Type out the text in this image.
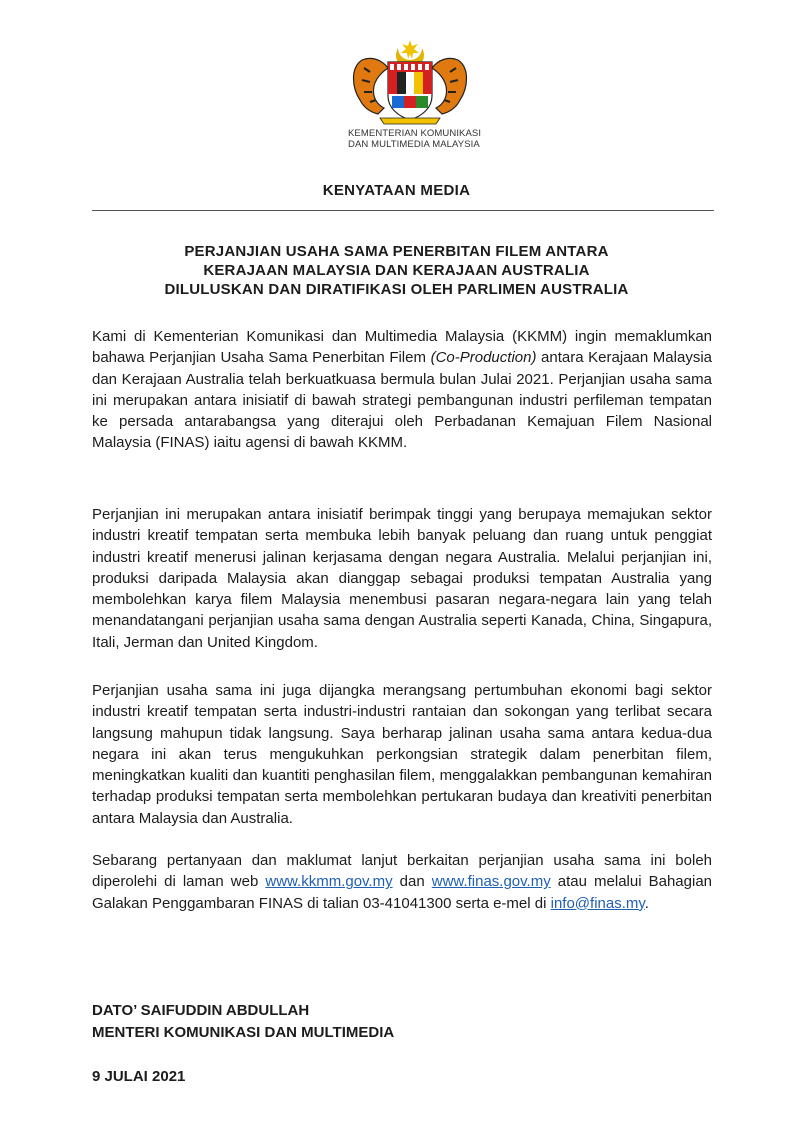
KEMENTERIAN KOMUNIKASI
DAN MULTIMEDIA MALAYSIA
KENYATAAN MEDIA
PERJANJIAN USAHA SAMA PENERBITAN FILEM ANTARA
KERAJAAN MALAYSIA DAN KERAJAAN AUSTRALIA
DILULUSKAN DAN DIRATIFIKASI OLEH PARLIMEN AUSTRALIA
Kami di Kementerian Komunikasi dan Multimedia Malaysia (KKMM) ingin memaklumkan bahawa Perjanjian Usaha Sama Penerbitan Filem (Co-Production) antara Kerajaan Malaysia dan Kerajaan Australia telah berkuatkuasa bermula bulan Julai 2021. Perjanjian usaha sama ini merupakan antara inisiatif di bawah strategi pembangunan industri perfileman tempatan ke persada antarabangsa yang diterajui oleh Perbadanan Kemajuan Filem Nasional Malaysia (FINAS) iaitu agensi di bawah KKMM.
Perjanjian ini merupakan antara inisiatif berimpak tinggi yang berupaya memajukan sektor industri kreatif tempatan serta membuka lebih banyak peluang dan ruang untuk penggiat industri kreatif menerusi jalinan kerjasama dengan negara Australia. Melalui perjanjian ini, produksi daripada Malaysia akan dianggap sebagai produksi tempatan Australia yang membolehkan karya filem Malaysia menembusi pasaran negara-negara lain yang telah menandatangani perjanjian usaha sama dengan Australia seperti Kanada, China, Singapura, Itali, Jerman dan United Kingdom.
Perjanjian usaha sama ini juga dijangka merangsang pertumbuhan ekonomi bagi sektor industri kreatif tempatan serta industri-industri rantaian dan sokongan yang terlibat secara langsung mahupun tidak langsung. Saya berharap jalinan usaha sama antara kedua-dua negara ini akan terus mengukuhkan perkongsian strategik dalam penerbitan filem, meningkatkan kualiti dan kuantiti penghasilan filem, menggalakkan pembangunan kemahiran terhadap produksi tempatan serta membolehkan pertukaran budaya dan kreativiti penerbitan antara Malaysia dan Australia.
Sebarang pertanyaan dan maklumat lanjut berkaitan perjanjian usaha sama ini boleh diperolehi di laman web www.kkmm.gov.my dan www.finas.gov.my atau melalui Bahagian Galakan Penggambaran FINAS di talian 03-41041300 serta e-mel di info@finas.my.
DATO’ SAIFUDDIN ABDULLAH
MENTERI KOMUNIKASI DAN MULTIMEDIA
9 JULAI 2021
